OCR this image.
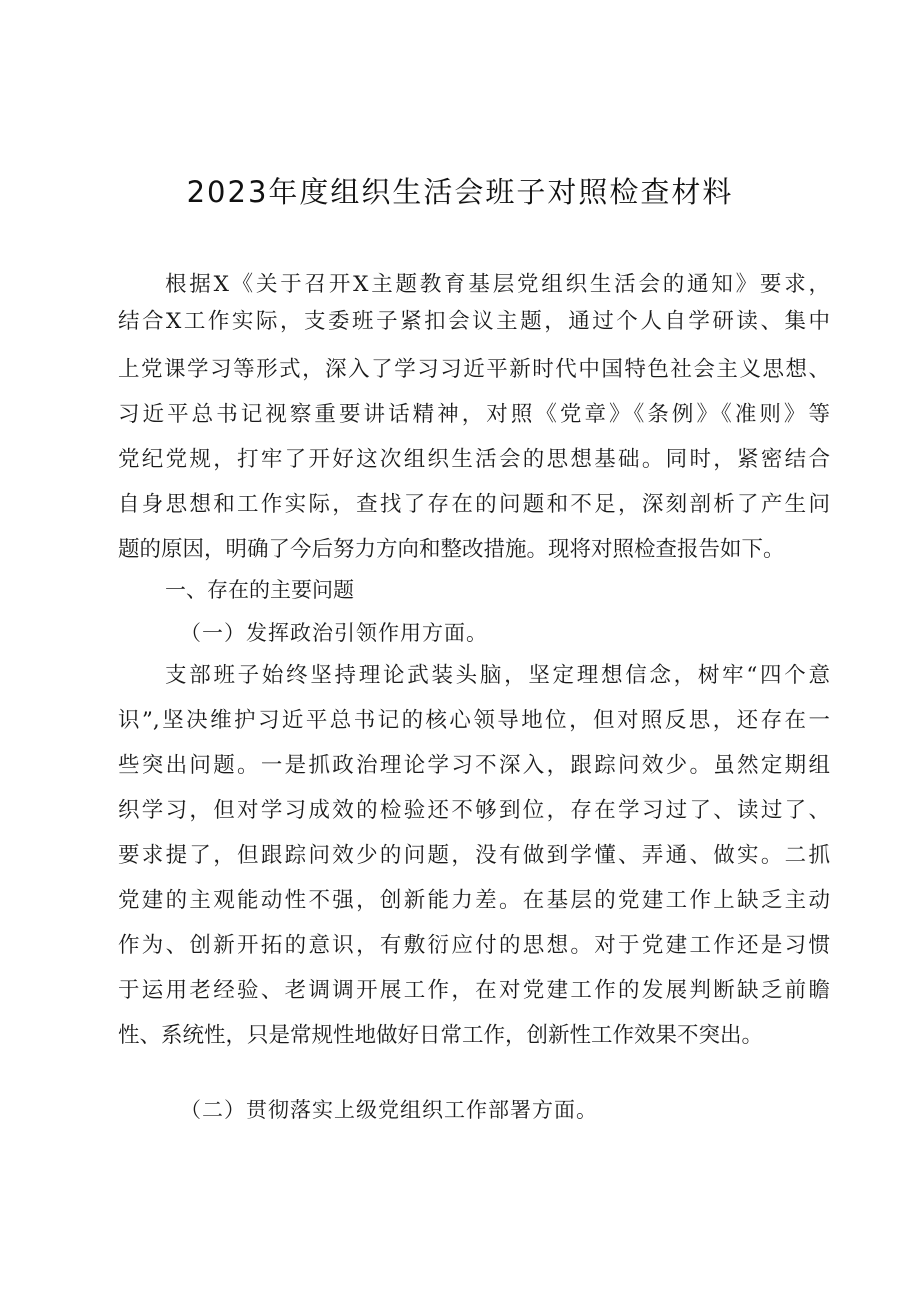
2023年度组织生活会班子对照检查材料
根据X《关于召开X主题教育基层党组织生活会的通知》要求，
结合X工作实际，支委班子紧扣会议主题，通过个人自学研读、集中
上党课学习等形式，深入了学习习近平新时代中国特色社会主义思想、
习近平总书记视察重要讲话精神，对照《党章》《条例》《准则》等
党纪党规，打牢了开好这次组织生活会的思想基础。同时，紧密结合
自身思想和工作实际，查找了存在的问题和不足，深刻剖析了产生问
题的原因，明确了今后努力方向和整改措施。现将对照检查报告如下。
一、存在的主要问题
（一）发挥政治引领作用方面。
支部班子始终坚持理论武装头脑，坚定理想信念，树牢“四个意
识”,坚决维护习近平总书记的核心领导地位，但对照反思，还存在一
些突出问题。一是抓政治理论学习不深入，跟踪问效少。虽然定期组
织学习，但对学习成效的检验还不够到位，存在学习过了、读过了、
要求提了，但跟踪问效少的问题，没有做到学懂、弄通、做实。二抓
党建的主观能动性不强，创新能力差。在基层的党建工作上缺乏主动
作为、创新开拓的意识，有敷衍应付的思想。对于党建工作还是习惯
于运用老经验、老调调开展工作，在对党建工作的发展判断缺乏前瞻
性、系统性，只是常规性地做好日常工作，创新性工作效果不突出。
（二）贯彻落实上级党组织工作部署方面。
